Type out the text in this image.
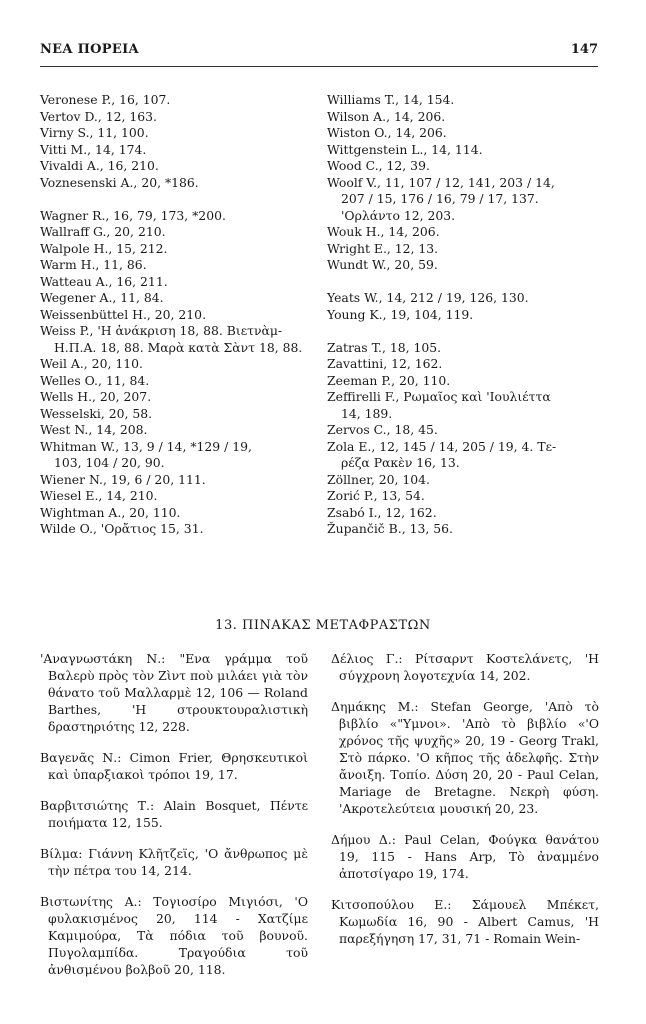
ΝΕΑ ΠΟΡΕΙΑ	147
Veronese P., 16, 107.
Vertov D., 12, 163.
Virny S., 11, 100.
Vitti M., 14, 174.
Vivaldi A., 16, 210.
Voznesenski A., 20, *186.
Wagner R., 16, 79, 173, *200.
Wallraff G., 20, 210.
Walpole H., 15, 212.
Warm H., 11, 86.
Watteau A., 16, 211.
Wegener A., 11, 84.
Weissenbüttel H., 20, 210.
Weiss P., 'Η ἀνάκριση 18, 88. Βιετνὰμ-
Η.Π.Α. 18, 88. Μαρὰ κατὰ Σὰντ 18, 88.
Weil A., 20, 110.
Welles O., 11, 84.
Wells H., 20, 207.
Wesselski, 20, 58.
West N., 14, 208.
Whitman W., 13, 9 / 14, *129 / 19,
103, 104 / 20, 90.
Wiener N., 19, 6 / 20, 111.
Wiesel E., 14, 210.
Wightman A., 20, 110.
Wilde O., 'Ορἄτιος 15, 31.
Williams T., 14, 154.
Wilson A., 14, 206.
Wiston O., 14, 206.
Wittgenstein L., 14, 114.
Wood C., 12, 39.
Woolf V., 11, 107 / 12, 141, 203 / 14,
207 / 15, 176 / 16, 79 / 17, 137.
'Ορλάντο 12, 203.
Wouk H., 14, 206.
Wright E., 12, 13.
Wundt W., 20, 59.
Yeats W., 14, 212 / 19, 126, 130.
Young K., 19, 104, 119.
Zatras T., 18, 105.
Zavattini, 12, 162.
Zeeman P., 20, 110.
Zeffirelli F., Ρωμαῖος καὶ 'Ιουλιέττα
14, 189.
Zervos C., 18, 45.
Zola E., 12, 145 / 14, 205 / 19, 4. Τε-
ρέζα Ρακὲν 16, 13.
Zöllner, 20, 104.
Zorić P., 13, 54.
Zsabó I., 12, 162.
Župančič B., 13, 56.
13. ΠΙΝΑΚΑΣ ΜΕΤΑΦΡΑΣΤΩΝ

'Αναγνωστάκη Ν.: "Ενα γράμμα τοῦ Βαλερὺ πρὸς τὸν Ζὶντ ποὺ μιλάει γιὰ τὸν θάνατο τοῦ Μαλλαρμὲ 12, 106 — Roland Barthes, 'Η στρουκτουραλιστικὴ δραστηριότης 12, 228.

Βαγενᾶς Ν.: Cimon Frier, Θρησκευτικοὶ καὶ ὑπαρξιακοὶ τρόποι 19, 17.

Βαρβιτσιώτης Τ.: Alain Bosquet, Πέντε ποιήματα 12, 155.

Βίλμα: Γιάννη Κλῆτζεϊς, 'Ο ἄνθρωπος μὲ τὴν πέτρα του 14, 214.

Βιστωνίτης Α.: Τογιοσίρο Μιγιόσι, 'Ο φυλακισμένος 20, 114 - Χατζίμε Καμιμούρα, Τὰ πόδια τοῦ βουνοῦ. Πυγολαμπίδα. Τραγούδια τοῦ ἀνθισμένου βολβοῦ 20, 118.

Δέλιος Γ.: Ρίτσαρντ Κοστελάνετς, 'Η σύγχρονη λογοτεχνία 14, 202.

Δημάκης Μ.: Stefan George, 'Απὸ τὸ βιβλίο «"Υμνοι». 'Απὸ τὸ βιβλίο «'Ο χρόνος τῆς ψυχῆς» 20, 19 - Georg Trakl, Στὸ πάρκο. 'Ο κῆπος τῆς ἀδελφῆς. Στὴν ἄνοιξη. Τοπίο. Δύση 20, 20 - Paul Celan, Mariage de Bretagne. Νεκρὴ φύση. 'Ακροτελεύτεια μουσική 20, 23.

Δήμου Δ.: Paul Celan, Φούγκα θανάτου 19, 115 - Hans Arp, Τὸ ἀναμμένο ἀποτσίγαρο 19, 174.

Κιτσοπούλου Ε.: Σάμουελ Μπέκετ, Κωμωδία 16, 90 - Albert Camus, 'Η παρεξήγηση 17, 31, 71 - Romain Wein-
